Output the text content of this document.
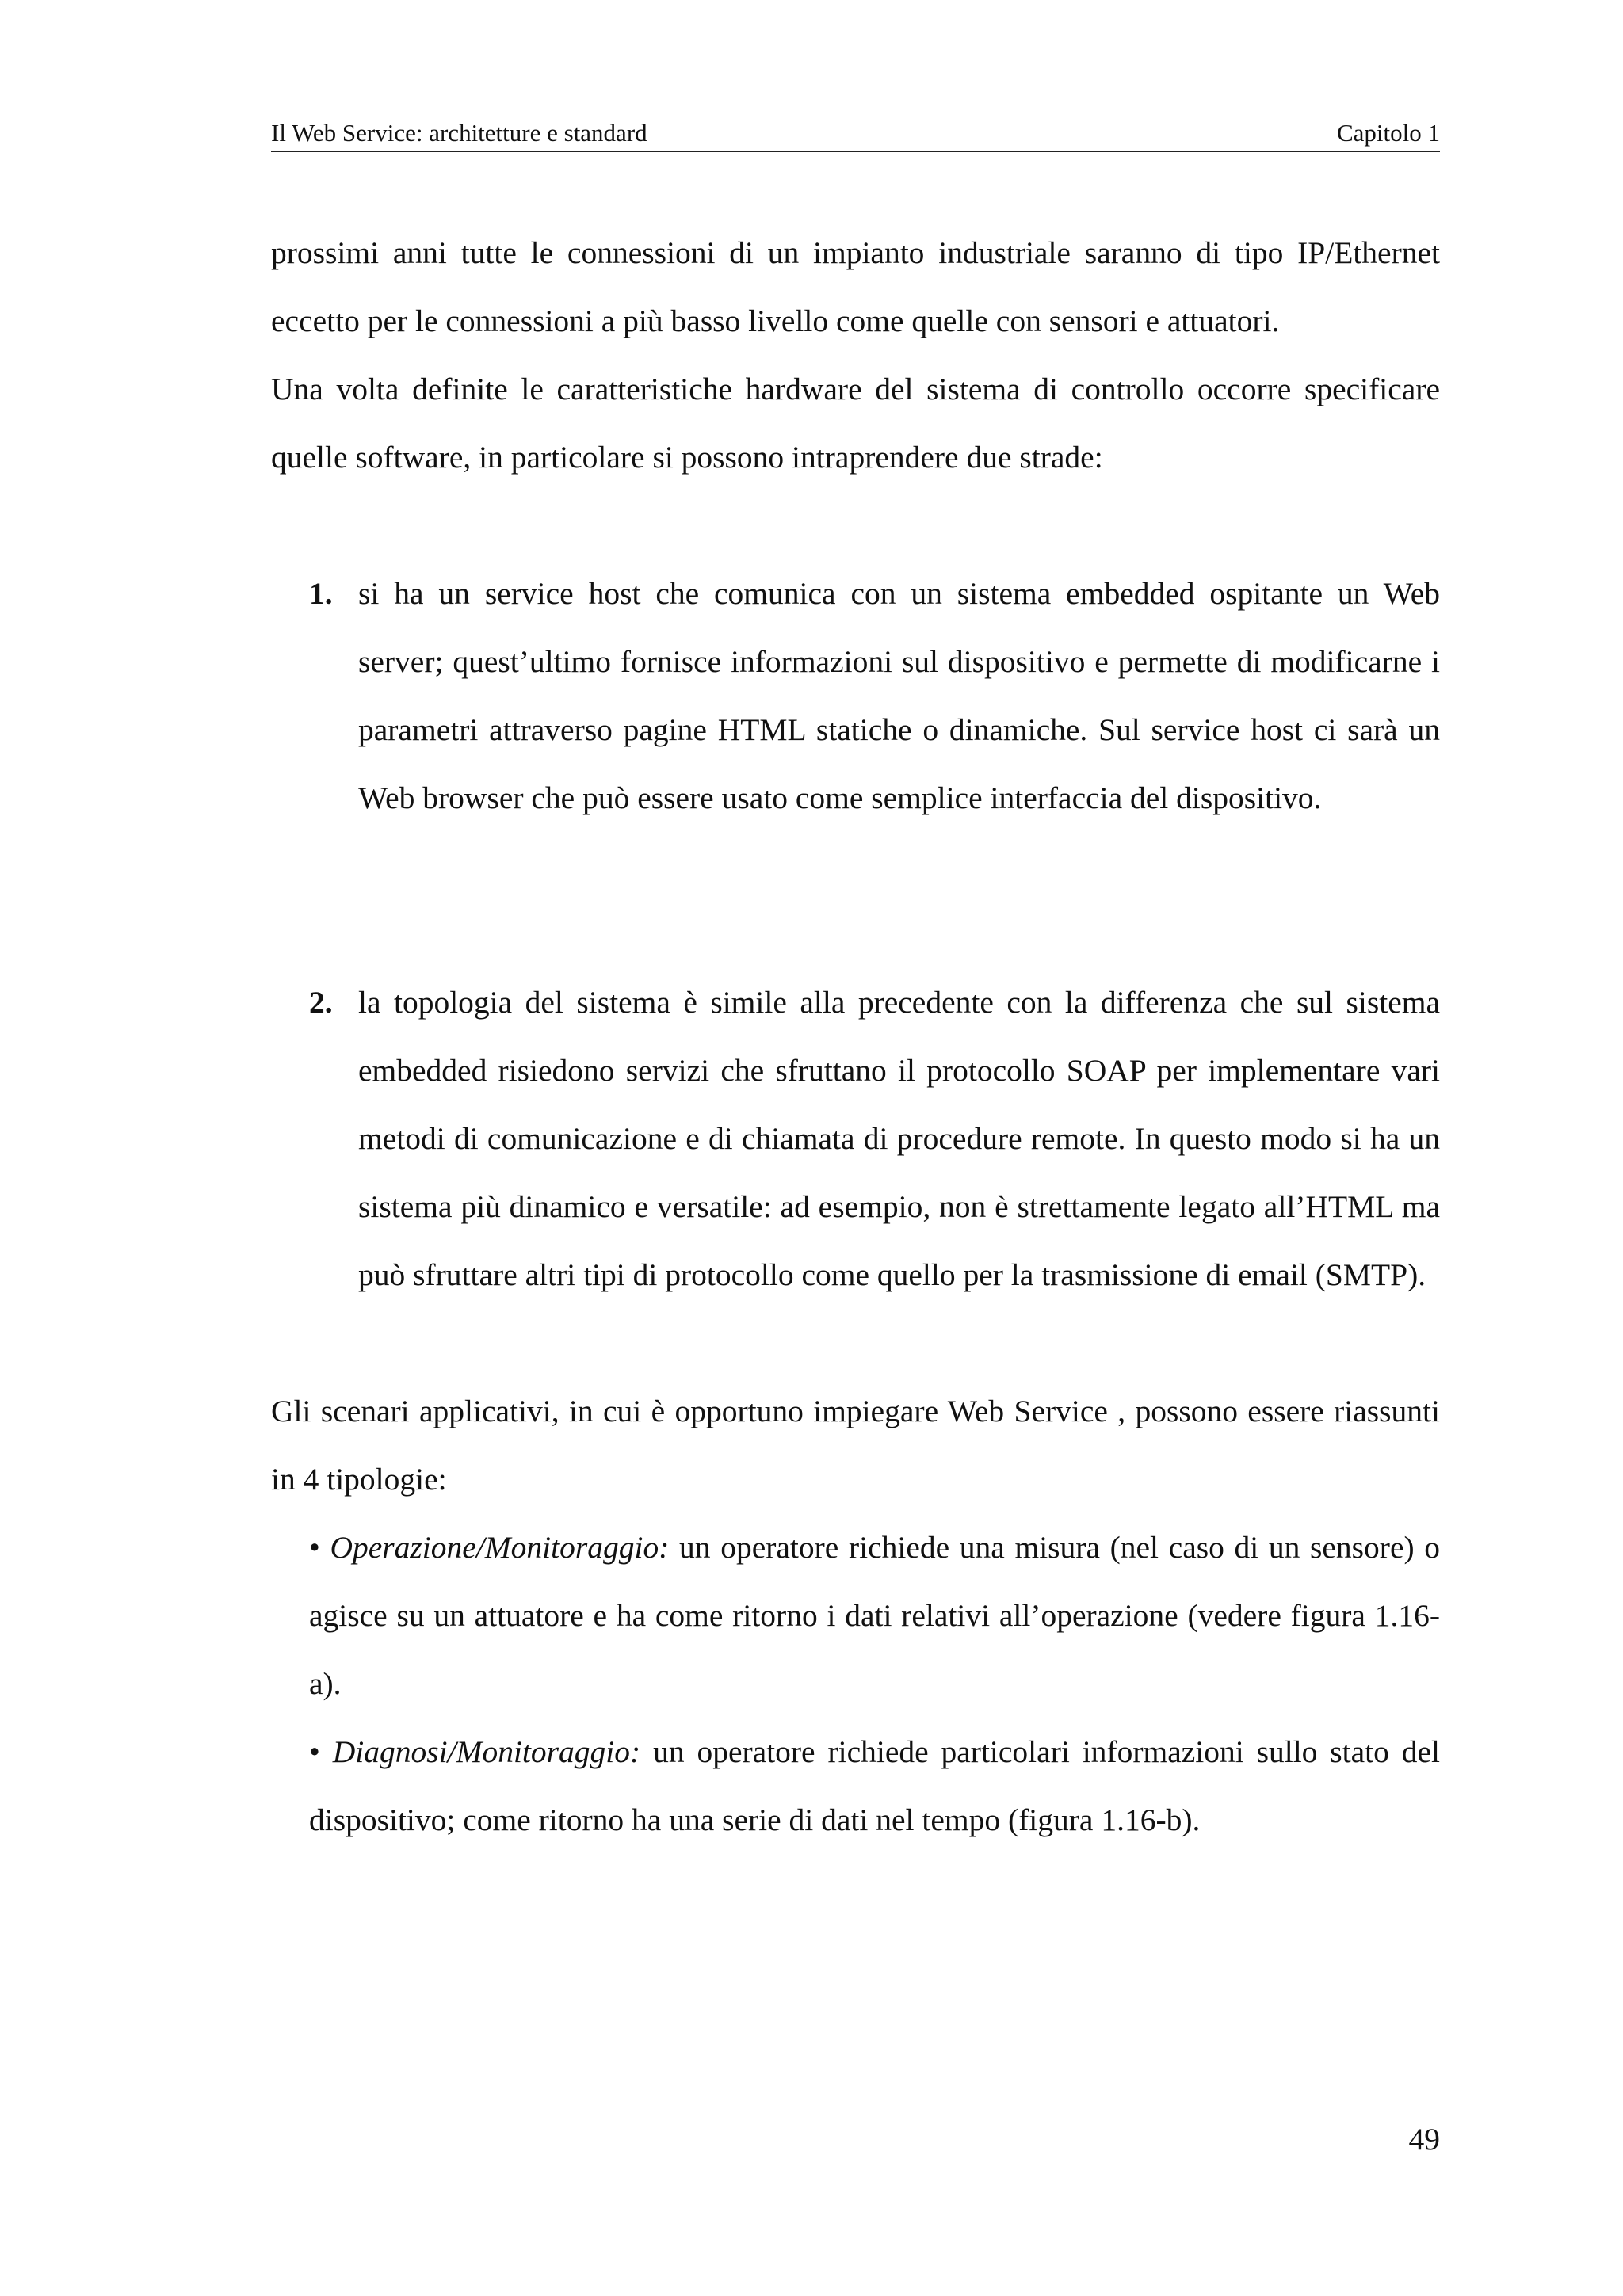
Il Web Service: architetture e standard	Capitolo 1

prossimi anni tutte le connessioni di un impianto industriale saranno di tipo IP/Ethernet eccetto per le connessioni a più basso livello come quelle con sensori e attuatori.

Una volta definite le caratteristiche hardware del sistema di controllo occorre specificare quelle software, in particolare si possono intraprendere due strade:

1. si ha un service host che comunica con un sistema embedded ospitante un Web server; quest’ultimo fornisce informazioni sul dispositivo e permette di modificarne i parametri attraverso pagine HTML statiche o dinamiche. Sul service host ci sarà un Web browser che può essere usato come semplice interfaccia del dispositivo.
2. la topologia del sistema è simile alla precedente con la differenza che sul sistema embedded risiedono servizi che sfruttano il protocollo SOAP per implementare vari metodi di comunicazione e di chiamata di procedure remote. In questo modo si ha un sistema più dinamico e versatile: ad esempio, non è strettamente legato all’HTML ma può sfruttare altri tipi di protocollo come quello per la trasmissione di email (SMTP).

Gli scenari applicativi, in cui è opportuno impiegare Web Service , possono essere riassunti in 4 tipologie:

• Operazione/Monitoraggio: un operatore richiede una misura (nel caso di un sensore) o agisce su un attuatore e ha come ritorno i dati relativi all’operazione (vedere figura 1.16-a).
• Diagnosi/Monitoraggio: un operatore richiede particolari informazioni sullo stato del dispositivo; come ritorno ha una serie di dati nel tempo (figura 1.16-b).
49
